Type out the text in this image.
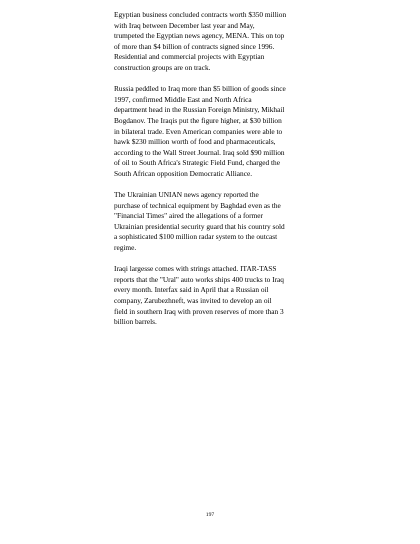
Egyptian business concluded contracts worth $350 million
with Iraq between December last year and May,
trumpeted the Egyptian news agency, MENA. This on top
of more than $4 billion of contracts signed since 1996.
Residential and commercial projects with Egyptian
construction groups are on track.

Russia peddled to Iraq more than $5 billion of goods since
1997, confirmed Middle East and North Africa
department head in the Russian Foreign Ministry, Mikhail
Bogdanov. The Iraqis put the figure higher, at $30 billion
in bilateral trade. Even American companies were able to
hawk $230 million worth of food and pharmaceuticals,
according to the Wall Street Journal. Iraq sold $90 million
of oil to South Africa's Strategic Field Fund, charged the
South African opposition Democratic Alliance.

The Ukrainian UNIAN news agency reported the
purchase of technical equipment by Baghdad even as the
"Financial Times" aired the allegations of a former
Ukrainian presidential security guard that his country sold
a sophisticated $100 million radar system to the outcast
regime.

Iraqi largesse comes with strings attached. ITAR-TASS
reports that the "Ural" auto works ships 400 trucks to Iraq
every month. Interfax said in April that a Russian oil
company, Zarubezhneft, was invited to develop an oil
field in southern Iraq with proven reserves of more than 3
billion barrels.

197
